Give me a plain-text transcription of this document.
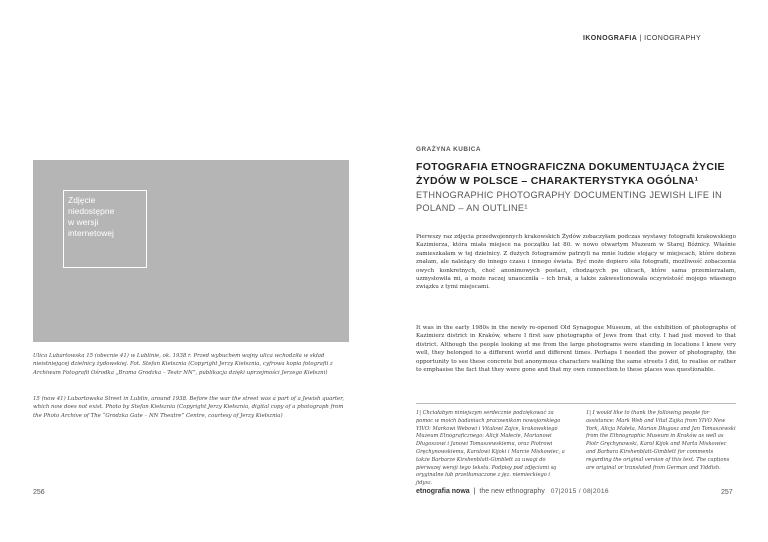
IKONOGRAFIA | ICONOGRAPHY
Zdjęcie
niedostępne
w wersji
internetowej

Ulica Lubartowska 15 (obecnie 41) w Lublinie, ok. 1938 r. Przed wybuchem wojny ulica wchodziła w skład nieistniejącej dzielnicy żydowskiej. Fot. Stefan Kiełsznia (Copyright Jerzy Kiełsznia, cyfrowa kopia fotografii z Archiwum Fotografii Ośrodka „Brama Grodzka – Teatr NN”, publikacja dzięki uprzejmości Jerzego Kiełszni)

15 (now 41) Lubartowska Street in Lublin, around 1938. Before the war the street was a part of a Jewish quarter, which now does not exist. Photo by Stefan Kiełsznia (Copyright Jerzy Kiełsznia, digital copy of a photograph from the Photo Archive of The “Grodzka Gate – NN Theatre” Centre, courtesy of Jerzy Kiełsznia)

GRAŻYNA KUBICA
FOTOGRAFIA ETNOGRAFICZNA DOKUMENTUJĄCA ŻYCIE ŻYDÓW W POLSCE – CHARAKTERYSTYKA OGÓLNA¹
ETHNOGRAPHIC PHOTOGRAPHY DOCUMENTING JEWISH LIFE IN POLAND – AN OUTLINE¹

Pierwszy raz zdjęcia przedwojennych krakowskich Żydów zobaczyłam podczas wystawy fotografii krakowskiego Kazimierza, która miała miejsce na początku lat 80. w nowo otwartym Muzeum w Starej Bóżnicy. Właśnie zamieszkałam w tej dzielnicy. Z dużych fotogramów patrzyli na mnie ludzie stojący w miejscach, które dobrze znałam, ale należący do innego czasu i innego świata. Być może dopiero siła fotografii, możliwość zobaczenia owych konkretnych, choć anonimowych postaci, chodzących po ulicach, które sama przemierzałam, uzmysłowiła mi, a może raczej unaoczniła – ich brak, a także zakwestionowała oczywistość mojego własnego związku z tymi miejscami.

It was in the early 1980s in the newly re-opened Old Synagogue Museum, at the exhibition of photographs of Kazimierz district in Kraków, where I first saw photographs of Jews from that city. I had just moved to that district. Although the people looking at me from the large photograms were standing in locations I knew very well, they belonged to a different world and different times. Perhaps I needed the power of photography, the opportunity to see these concrete but anonymous characters walking the same streets I did, to realise or rather to emphasise the fact that they were gone and that my own connection to these places was questionable.

1| Chciałabym niniejszym serdecznie podziękować za pomoc w moich badaniach pracownikom nowojorskiego YIVO: Markowi Webowi i Vitalowi Zajce, krakowskiego Muzeum Etnograficznego: Alicji Małecie, Marianowi Długoszowi i Janowi Tomaszewskiemu, oraz Piotrowi Gręchynowskiemu, Karolowi Kijoki i Marcie Miskowiec, a także Barbarze Kirshenblatt-Gimblett za uwagi do pierwszej wersji tego tekstu. Podpisy pod zdjęciami są oryginalne lub przetłumaczone z jęz. niemieckiego i jidysz.

1| I would like to thank the following people for assistance: Mark Web and Vital Zajka from YIVO New York, Alicja Małeta, Marian Długosz and Jan Tomaszewski from the Ethnographic Museum in Kraków as well as Piotr Gręchynowski, Karol Kijok and Marta Miskowiec and Barbara Kirshenblatt-Gimblett for comments regarding the original version of this text. The captions are original or translated from German and Yiddish.

256	257
etnografia nowa | the new ethnography 07|2015 / 08|2016
